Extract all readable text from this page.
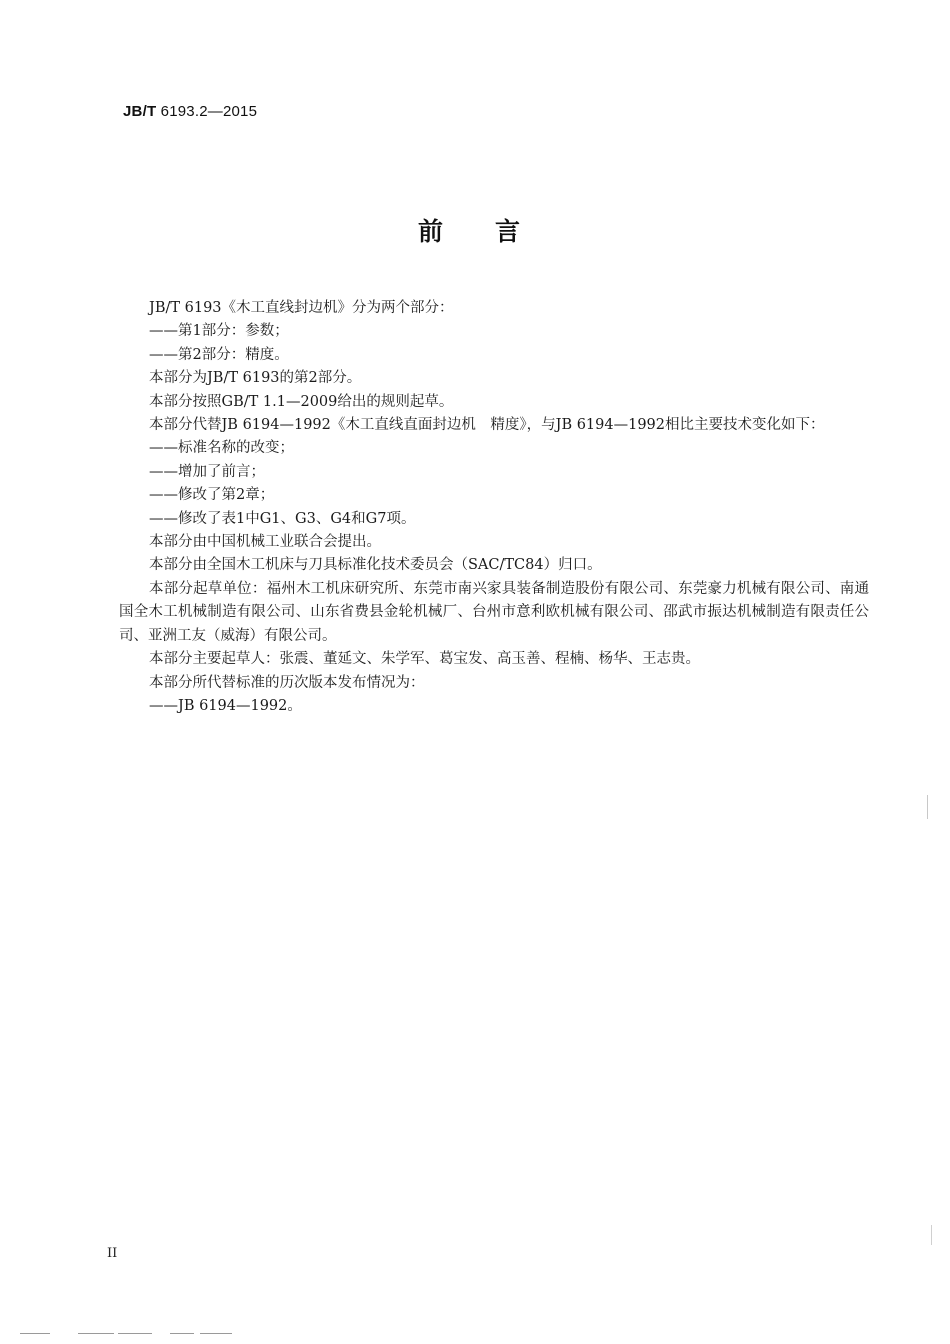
JB/T 6193.2—2015
前言

JB/T 6193《木工直线封边机》分为两个部分：

——第1部分：参数；

——第2部分：精度。

本部分为JB/T 6193的第2部分。

本部分按照GB/T 1.1—2009给出的规则起草。

本部分代替JB 6194—1992《木工直线直面封边机　精度》，与JB 6194—1992相比主要技术变化如下：

——标准名称的改变；

——增加了前言；

——修改了第2章；

——修改了表1中G1、G3、G4和G7项。

本部分由中国机械工业联合会提出。

本部分由全国木工机床与刀具标准化技术委员会（SAC/TC84）归口。

本部分起草单位：福州木工机床研究所、东莞市南兴家具装备制造股份有限公司、东莞豪力机械有限公司、南通国全木工机械制造有限公司、山东省费县金轮机械厂、台州市意利欧机械有限公司、邵武市振达机械制造有限责任公司、亚洲工友（威海）有限公司。

本部分主要起草人：张震、董延文、朱学军、葛宝发、高玉善、程楠、杨华、王志贵。

本部分所代替标准的历次版本发布情况为：

——JB 6194—1992。

II
